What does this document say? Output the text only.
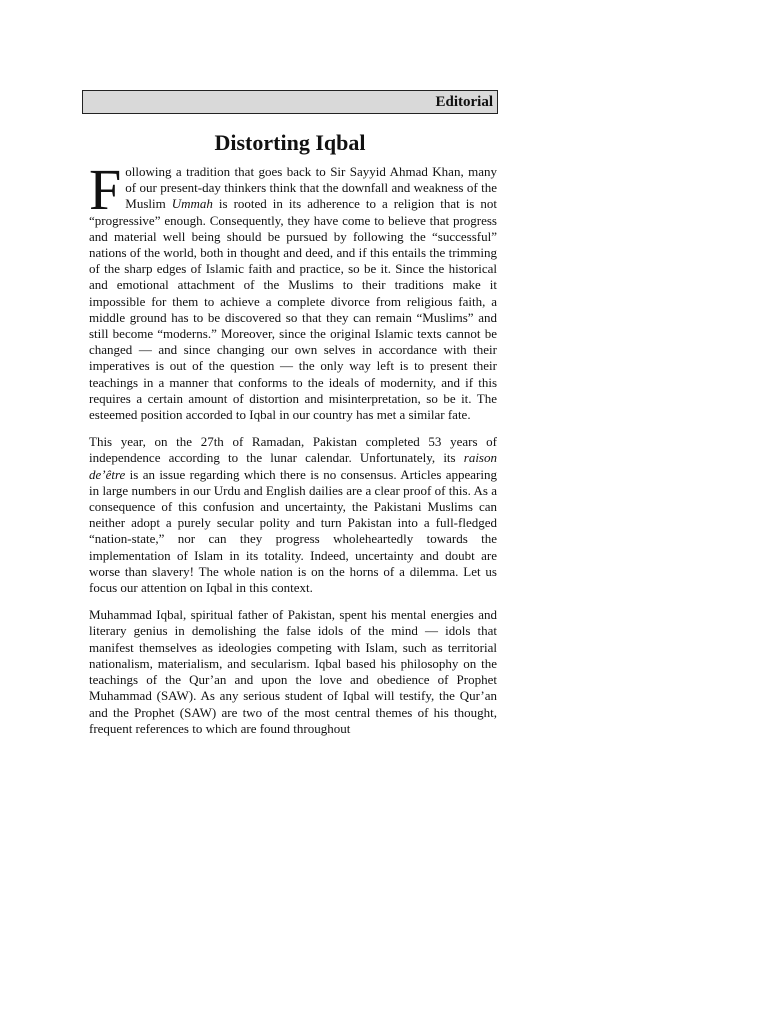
Editorial
Distorting Iqbal

Following a tradition that goes back to Sir Sayyid Ahmad Khan, many of our present-day thinkers think that the downfall and weakness of the Muslim Ummah is rooted in its adherence to a religion that is not “progressive” enough. Consequently, they have come to believe that progress and material well being should be pursued by following the “successful” nations of the world, both in thought and deed, and if this entails the trimming of the sharp edges of Islamic faith and practice, so be it. Since the historical and emotional attachment of the Muslims to their traditions make it impossible for them to achieve a complete divorce from religious faith, a middle ground has to be discovered so that they can remain “Muslims” and still become “moderns.” Moreover, since the original Islamic texts cannot be changed — and since changing our own selves in accordance with their imperatives is out of the question — the only way left is to present their teachings in a manner that conforms to the ideals of modernity, and if this requires a certain amount of distortion and misinterpretation, so be it. The esteemed position accorded to Iqbal in our country has met a similar fate.

This year, on the 27th of Ramadan, Pakistan completed 53 years of independence according to the lunar calendar. Unfortunately, its raison de’être is an issue regarding which there is no consensus. Articles appearing in large numbers in our Urdu and English dailies are a clear proof of this. As a consequence of this confusion and uncertainty, the Pakistani Muslims can neither adopt a purely secular polity and turn Pakistan into a full-fledged “nation-state,” nor can they progress wholeheartedly towards the implementation of Islam in its totality. Indeed, uncertainty and doubt are worse than slavery! The whole nation is on the horns of a dilemma. Let us focus our attention on Iqbal in this context.

Muhammad Iqbal, spiritual father of Pakistan, spent his mental energies and literary genius in demolishing the false idols of the mind — idols that manifest themselves as ideologies competing with Islam, such as territorial nationalism, materialism, and secularism. Iqbal based his philosophy on the teachings of the Qur’an and upon the love and obedience of Prophet Muhammad (SAW). As any serious student of Iqbal will testify, the Qur’an and the Prophet (SAW) are two of the most central themes of his thought, frequent references to which are found throughout
